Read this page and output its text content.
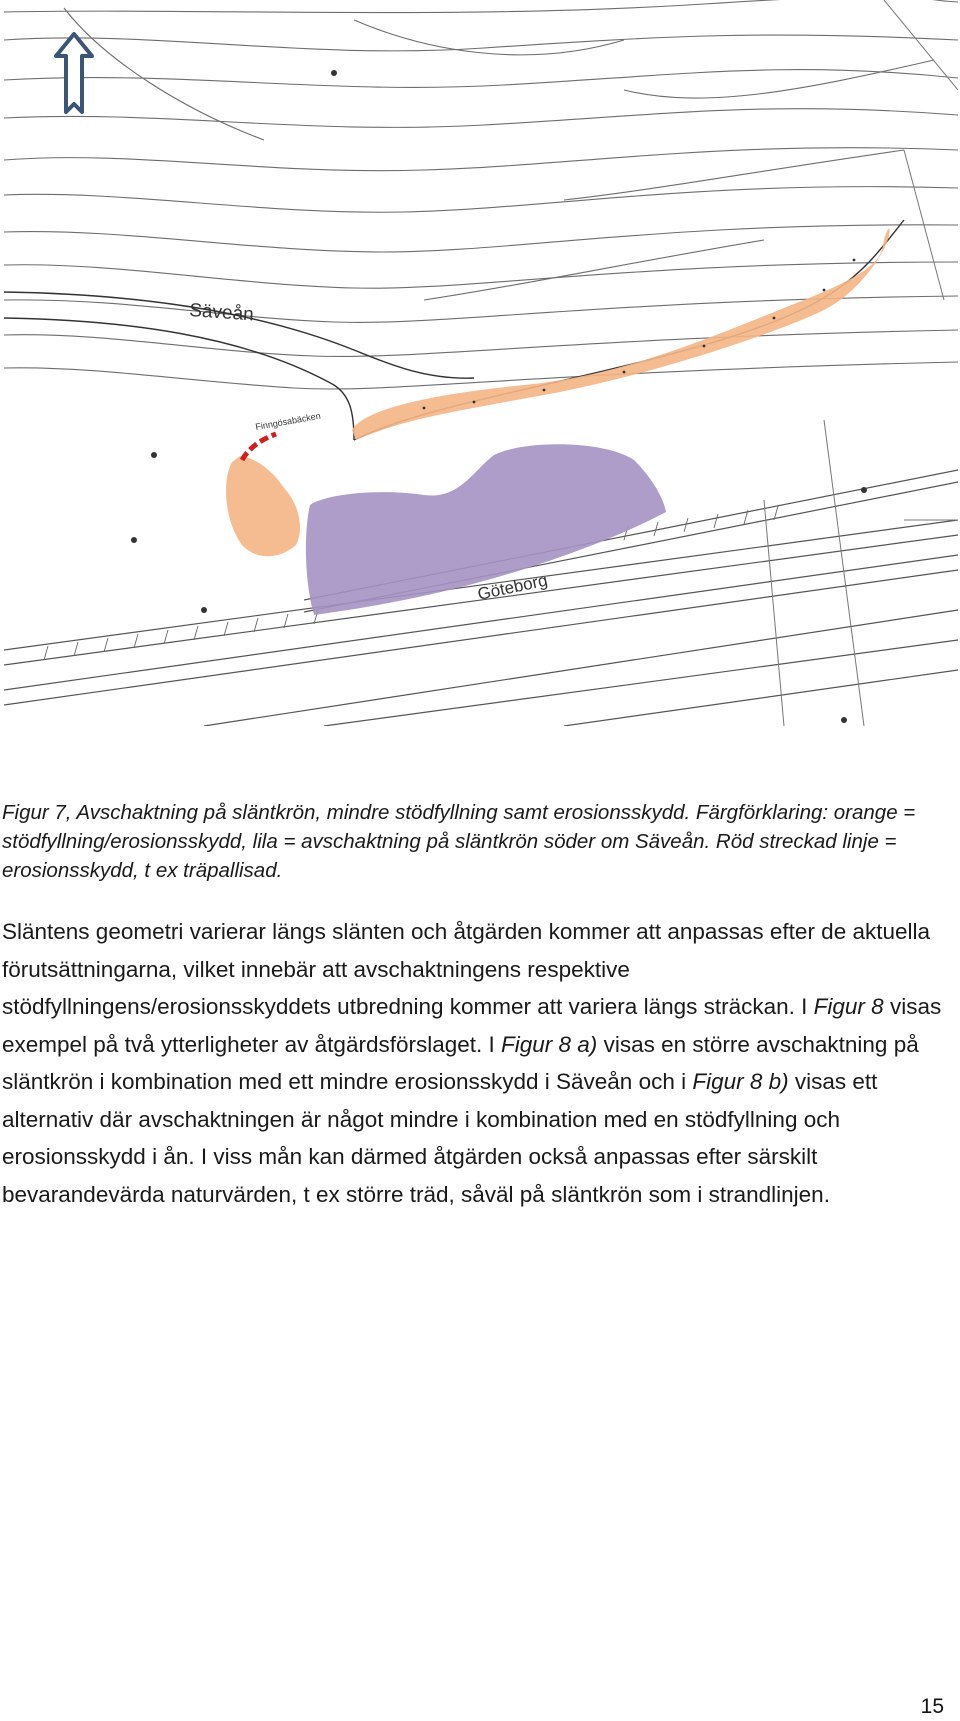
Säveån
Göteborg
Finngösabäcken
Figur 7, Avschaktning på släntkrön, mindre stödfyllning samt erosionsskydd. Färgförklaring: orange = stödfyllning/erosionsskydd, lila = avschaktning på släntkrön söder om Säveån. Röd streckad linje = erosionsskydd, t ex träpallisad.
Släntens geometri varierar längs slänten och åtgärden kommer att anpassas efter de aktuella förutsättningarna, vilket innebär att avschaktningens respektive stödfyllningens/erosionsskyddets utbredning kommer att variera längs sträckan. I Figur 8 visas exempel på två ytterligheter av åtgärdsförslaget. I Figur 8 a) visas en större avschaktning på släntkrön i kombination med ett mindre erosionsskydd i Säveån och i Figur 8 b) visas ett alternativ där avschaktningen är något mindre i kombination med en stödfyllning och erosionsskydd i ån. I viss mån kan därmed åtgärden också anpassas efter särskilt bevarandevärda naturvärden, t ex större träd, såväl på släntkrön som i strandlinjen.
15
